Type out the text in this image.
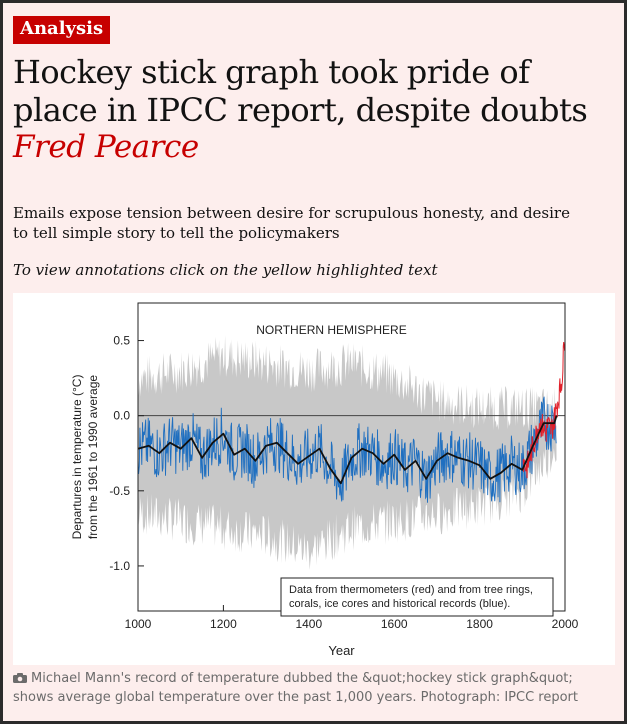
Analysis
Hockey stick graph took pride of place in IPCC report, despite doubts
Fred Pearce
Emails expose tension between desire for scrupulous honesty, and desire to tell simple story to tell the policymakers
To view annotations click on the yellow highlighted text
1000	1200	1400	1600	1800	2000
0.5
0.0
-0.5
-1.0
NORTHERN HEMISPHERE
Year
Departures in temperature (°C) from the 1961 to 1990 average
Data from thermometers (red) and from tree rings,
corals, ice cores and historical records (blue).
Michael Mann's record of temperature dubbed the &quot;hockey stick graph&quot; shows average global temperature over the past 1,000 years. Photograph: IPCC report
